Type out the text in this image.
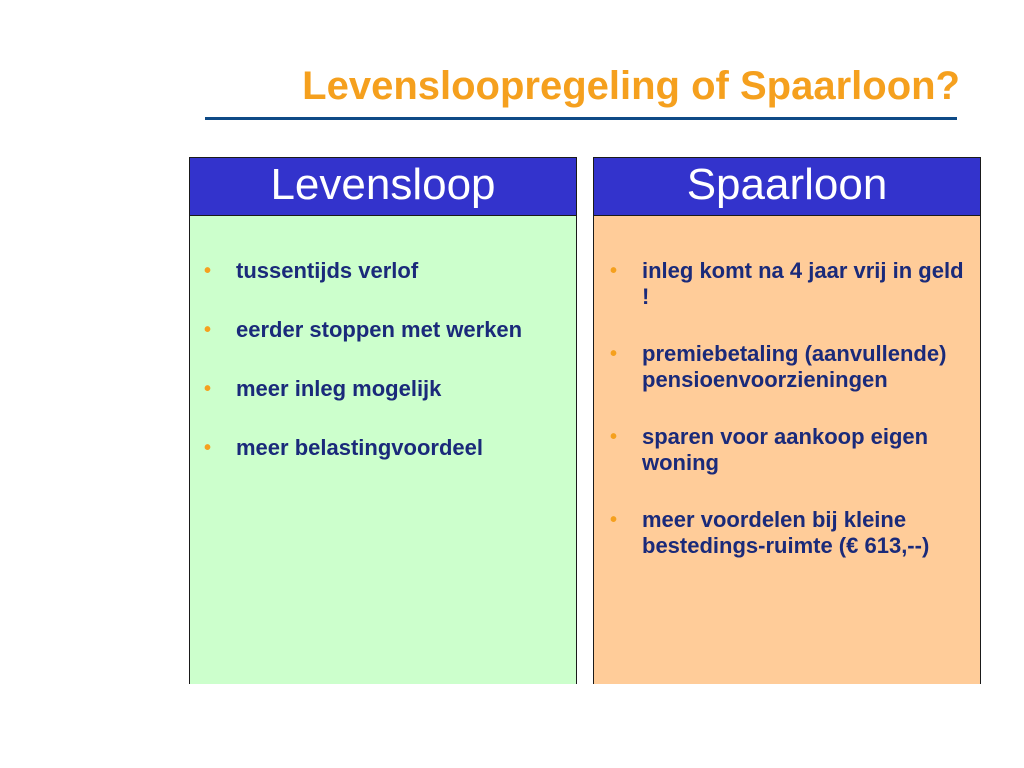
Levensloopregeling of Spaarloon?
Levensloop
• tussentijds verlof
• eerder stoppen met werken
• meer inleg mogelijk
• meer belastingvoordeel
Spaarloon
• inleg komt na 4 jaar vrij in geld !
• premiebetaling (aanvullende) pensioenvoorzieningen
• sparen voor aankoop eigen woning
• meer voordelen bij kleine bestedings-ruimte (€ 613,--)
